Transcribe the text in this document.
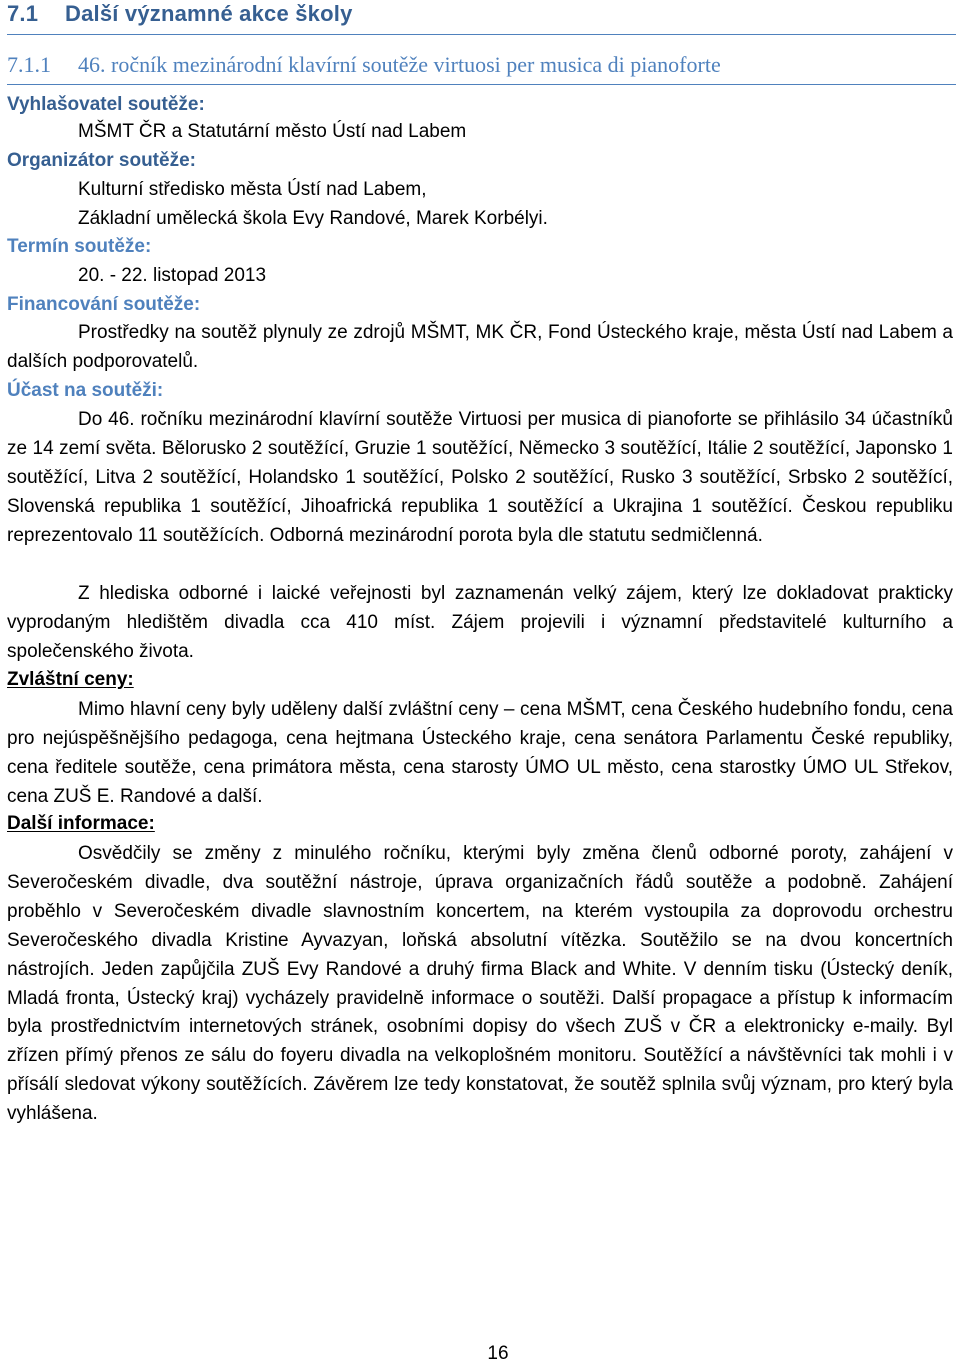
7.1 Další významné akce školy
7.1.1 46. ročník mezinárodní klavírní soutěže virtuosi per musica di pianoforte
Vyhlašovatel soutěže:
MŠMT ČR a Statutární město Ústí nad Labem
Organizátor soutěže:
Kulturní středisko města Ústí nad Labem,
Základní umělecká škola Evy Randové, Marek Korbélyi.
Termín soutěže:
20. - 22. listopad 2013
Financování soutěže:
Prostředky na soutěž plynuly ze zdrojů MŠMT, MK ČR, Fond Ústeckého kraje, města Ústí nad Labem a dalších podporovatelů.
Účast na soutěži:
Do 46. ročníku mezinárodní klavírní soutěže Virtuosi per musica di pianoforte se přihlásilo 34 účastníků ze 14 zemí světa. Bělorusko 2 soutěžící, Gruzie 1 soutěžící, Německo 3 soutěžící, Itálie 2 soutěžící, Japonsko 1 soutěžící, Litva 2 soutěžící, Holandsko 1 soutěžící, Polsko 2 soutěžící, Rusko 3 soutěžící, Srbsko 2 soutěžící, Slovenská republika 1 soutěžící, Jihoafrická republika 1 soutěžící a Ukrajina 1 soutěžící. Českou republiku reprezentovalo 11 soutěžících. Odborná mezinárodní porota byla dle statutu sedmičlenná.
Z hlediska odborné i laické veřejnosti byl zaznamenán velký zájem, který lze dokladovat prakticky vyprodaným hledištěm divadla cca 410 míst. Zájem projevili i významní představitelé kulturního a společenského života.
Zvláštní ceny:
Mimo hlavní ceny byly uděleny další zvláštní ceny – cena MŠMT, cena Českého hudebního fondu, cena pro nejúspěšnějšího pedagoga, cena hejtmana Ústeckého kraje, cena senátora Parlamentu České republiky, cena ředitele soutěže, cena primátora města, cena starosty ÚMO UL město, cena starostky ÚMO UL Střekov, cena ZUŠ E. Randové a další.
Další informace:
Osvědčily se změny z minulého ročníku, kterými byly změna členů odborné poroty, zahájení v Severočeském divadle, dva soutěžní nástroje, úprava organizačních řádů soutěže a podobně. Zahájení proběhlo v Severočeském divadle slavnostním koncertem, na kterém vystoupila za doprovodu orchestru Severočeského divadla Kristine Ayvazyan, loňská absolutní vítězka. Soutěžilo se na dvou koncertních nástrojích. Jeden zapůjčila ZUŠ Evy Randové a druhý firma Black and White. V denním tisku (Ústecký deník, Mladá fronta, Ústecký kraj) vycházely pravidelně informace o soutěži. Další propagace a přístup k informacím byla prostřednictvím internetových stránek, osobními dopisy do všech ZUŠ v ČR a elektronicky e-maily. Byl zřízen přímý přenos ze sálu do foyeru divadla na velkoplošném monitoru. Soutěžící a návštěvníci tak mohli i v přísálí sledovat výkony soutěžících. Závěrem lze tedy konstatovat, že soutěž splnila svůj význam, pro který byla vyhlášena.
16
